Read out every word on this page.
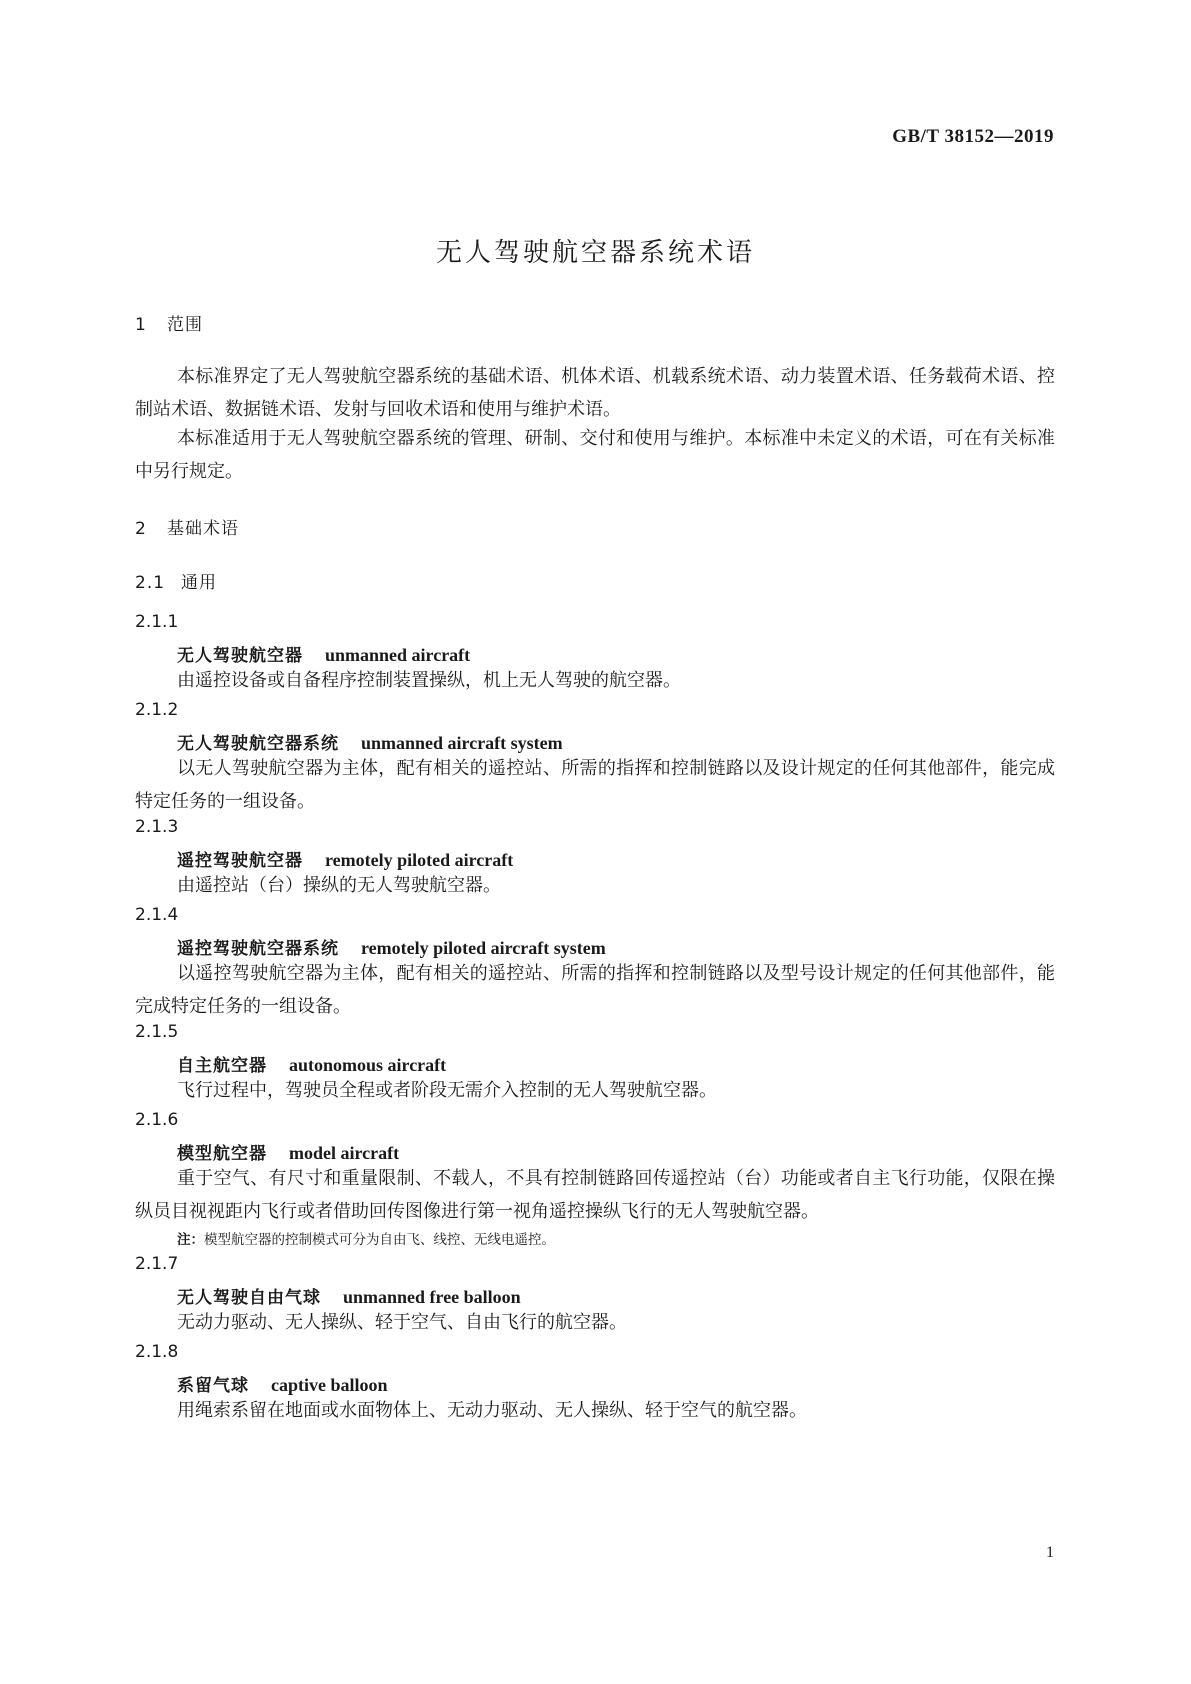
GB/T 38152—2019
无人驾驶航空器系统术语
1 范围
本标准界定了无人驾驶航空器系统的基础术语、机体术语、机载系统术语、动力装置术语、任务载荷术语、控制站术语、数据链术语、发射与回收术语和使用与维护术语。
本标准适用于无人驾驶航空器系统的管理、研制、交付和使用与维护。本标准中未定义的术语，可在有关标准中另行规定。
2 基础术语
2.1 通用
2.1.1
无人驾驶航空器 unmanned aircraft
由遥控设备或自备程序控制装置操纵，机上无人驾驶的航空器。
2.1.2
无人驾驶航空器系统 unmanned aircraft system
以无人驾驶航空器为主体，配有相关的遥控站、所需的指挥和控制链路以及设计规定的任何其他部件，能完成特定任务的一组设备。
2.1.3
遥控驾驶航空器 remotely piloted aircraft
由遥控站（台）操纵的无人驾驶航空器。
2.1.4
遥控驾驶航空器系统 remotely piloted aircraft system
以遥控驾驶航空器为主体，配有相关的遥控站、所需的指挥和控制链路以及型号设计规定的任何其他部件，能完成特定任务的一组设备。
2.1.5
自主航空器 autonomous aircraft
飞行过程中，驾驶员全程或者阶段无需介入控制的无人驾驶航空器。
2.1.6
模型航空器 model aircraft
重于空气、有尺寸和重量限制、不载人，不具有控制链路回传遥控站（台）功能或者自主飞行功能，仅限在操纵员目视视距内飞行或者借助回传图像进行第一视角遥控操纵飞行的无人驾驶航空器。
注：模型航空器的控制模式可分为自由飞、线控、无线电遥控。
2.1.7
无人驾驶自由气球 unmanned free balloon
无动力驱动、无人操纵、轻于空气、自由飞行的航空器。
2.1.8
系留气球 captive balloon
用绳索系留在地面或水面物体上、无动力驱动、无人操纵、轻于空气的航空器。
1
